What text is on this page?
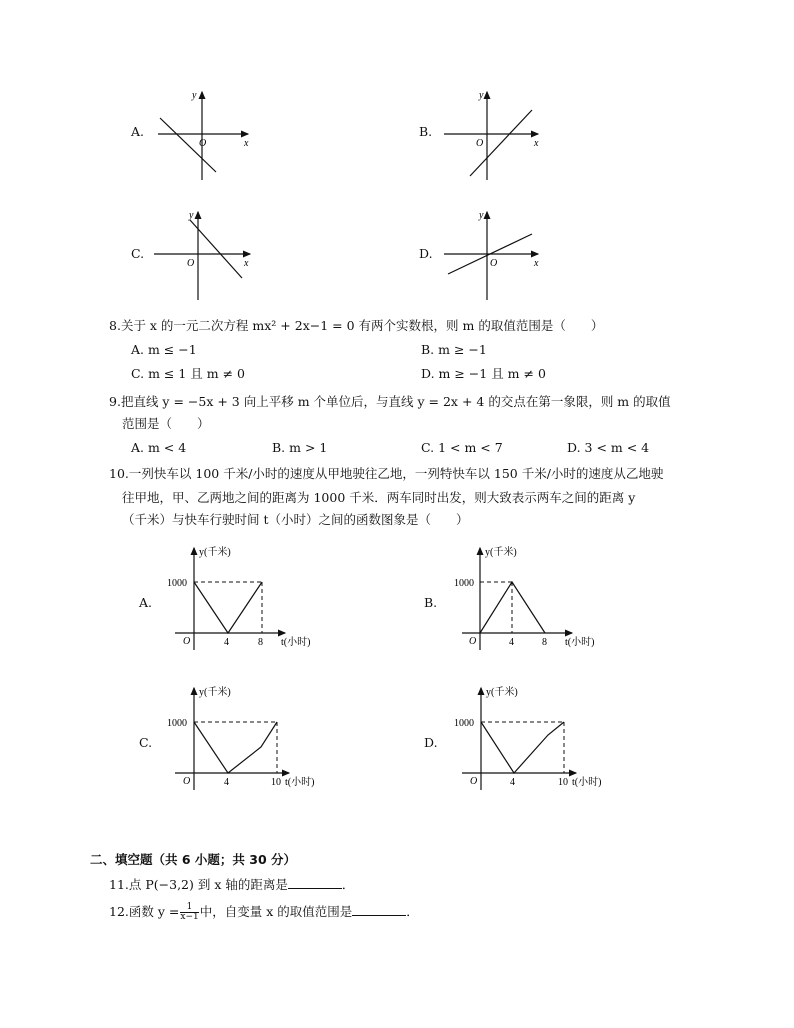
A.
x
y
O
B.
x
y
O
C.
x
y
O
D.
x
y
O
8.关于 x 的一元二次方程 mx² + 2x−1 = 0 有两个实数根，则 m 的取值范围是（　　）
A. m ≤ −1	B. m ≥ −1
C. m ≤ 1 且 m ≠ 0	D. m ≥ −1 且 m ≠ 0
9.把直线 y = −5x + 3 向上平移 m 个单位后，与直线 y = 2x + 4 的交点在第一象限，则 m 的取值
范围是（　　）
A. m < 4	B. m > 1	C. 1 < m < 7	D. 3 < m < 4
10.一列快车以 100 千米/小时的速度从甲地驶往乙地，一列特快车以 150 千米/小时的速度从乙地驶
往甲地，甲、乙两地之间的距离为 1000 千米．两车同时出发，则大致表示两车之间的距离 y
（千米）与快车行驶时间 t（小时）之间的函数图象是（　　）
A.
y(千米)
1000
O	4	8 t(小时)
B.
y(千米)
1000
O	4	8 t(小时)
C.
y(千米)
1000
O	4	10 t(小时)
D.
y(千米)
1000
O	4	10 t(小时)
二、填空题（共 6 小题；共 30 分）
11.点 P(−3,2) 到 x 轴的距离是	．
12.函数 $y = \frac{1}{x-1}$ 中，自变量 x 的取值范围是	．
